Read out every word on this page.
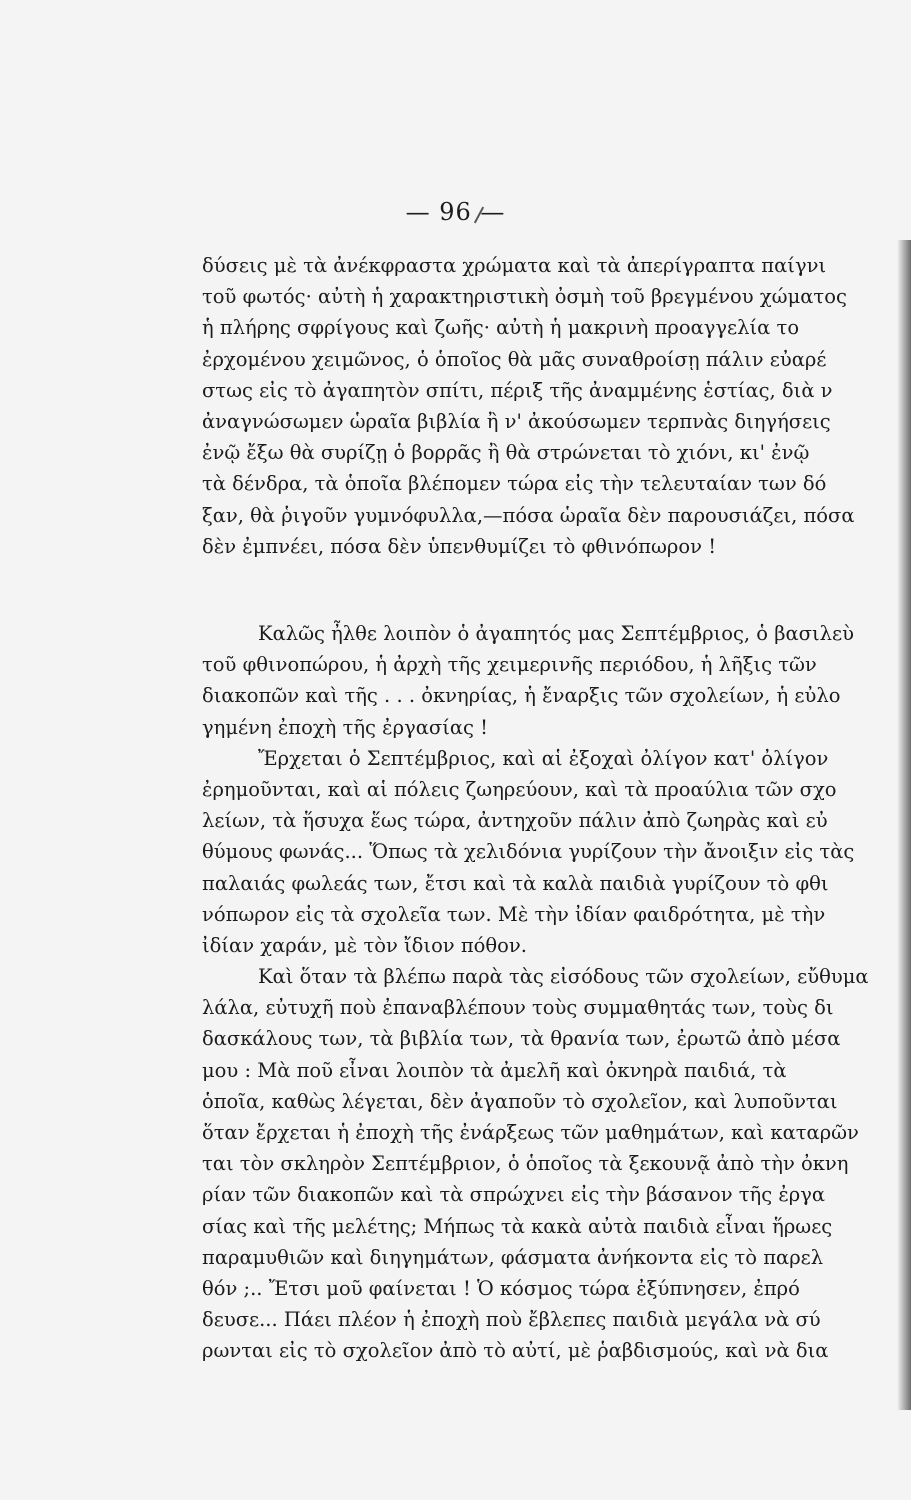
— 96 —
δύσεις μὲ τὰ ἀνέκφραστα χρώματα καὶ τὰ ἀπερίγραπτα παίγνι
τοῦ φωτός· αὐτὴ ἡ χαρακτηριστικὴ ὀσμὴ τοῦ βρεγμένου χώματος
ἡ πλήρης σφρίγους καὶ ζωῆς· αὐτὴ ἡ μακρινὴ προαγγελία το
ἐρχομένου χειμῶνος, ὁ ὁποῖος θὰ μᾶς συναθροίσῃ πάλιν εὐαρέ
στως εἰς τὸ ἀγαπητὸν σπίτι, πέριξ τῆς ἀναμμένης ἑστίας, διὰ ν
ἀναγνώσωμεν ὡραῖα βιβλία ἢ ν' ἀκούσωμεν τερπνὰς διηγήσεις
ἐνῷ ἔξω θὰ συρίζῃ ὁ βορρᾶς ἢ θὰ στρώνεται τὸ χιόνι, κι' ἐνῷ
τὰ δένδρα, τὰ ὁποῖα βλέπομεν τώρα εἰς τὴν τελευταίαν των δό
ξαν, θὰ ῥιγοῦν γυμνόφυλλα,—πόσα ὡραῖα δὲν παρουσιάζει, πόσα
δὲν ἐμπνέει, πόσα δὲν ὑπενθυμίζει τὸ φθινόπωρον !
Καλῶς ἦλθε λοιπὸν ὁ ἀγαπητός μας Σεπτέμβριος, ὁ βασιλεὺ
τοῦ φθινοπώρου, ἡ ἀρχὴ τῆς χειμερινῆς περιόδου, ἡ λῆξις τῶν
διακοπῶν καὶ τῆς . . . ὀκνηρίας, ἡ ἔναρξις τῶν σχολείων, ἡ εὐλο
γημένη ἐποχὴ τῆς ἐργασίας !
Ἔρχεται ὁ Σεπτέμβριος, καὶ αἱ ἐξοχαὶ ὀλίγον κατ' ὀλίγον
ἐρημοῦνται, καὶ αἱ πόλεις ζωηρεύουν, καὶ τὰ προαύλια τῶν σχο
λείων, τὰ ἥσυχα ἕως τώρα, ἀντηχοῦν πάλιν ἀπὸ ζωηρὰς καὶ εὐ
θύμους φωνάς... Ὅπως τὰ χελιδόνια γυρίζουν τὴν ἄνοιξιν εἰς τὰς
παλαιάς φωλεάς των, ἔτσι καὶ τὰ καλὰ παιδιὰ γυρίζουν τὸ φθι
νόπωρον εἰς τὰ σχολεῖα των. Μὲ τὴν ἰδίαν φαιδρότητα, μὲ τὴν
ἰδίαν χαράν, μὲ τὸν ἴδιον πόθον.
Καὶ ὅταν τὰ βλέπω παρὰ τὰς εἰσόδους τῶν σχολείων, εὔθυμα
λάλα, εὐτυχῆ ποὺ ἐπαναβλέπουν τοὺς συμμαθητάς των, τοὺς δι
δασκάλους των, τὰ βιβλία των, τὰ θρανία των, ἐρωτῶ ἀπὸ μέσα
μου : Μὰ ποῦ εἶναι λοιπὸν τὰ ἀμελῆ καὶ ὀκνηρὰ παιδιά, τὰ
ὁποῖα, καθὼς λέγεται, δὲν ἀγαποῦν τὸ σχολεῖον, καὶ λυποῦνται
ὅταν ἔρχεται ἡ ἐποχὴ τῆς ἐνάρξεως τῶν μαθημάτων, καὶ καταρῶν
ται τὸν σκληρὸν Σεπτέμβριον, ὁ ὁποῖος τὰ ξεκουνᾷ ἀπὸ τὴν ὀκνη
ρίαν τῶν διακοπῶν καὶ τὰ σπρώχνει εἰς τὴν βάσανον τῆς ἐργα
σίας καὶ τῆς μελέτης; Μήπως τὰ κακὰ αὐτὰ παιδιὰ εἶναι ἥρωες
παραμυθιῶν καὶ διηγημάτων, φάσματα ἀνήκοντα εἰς τὸ παρελ
θόν ;.. Ἔτσι μοῦ φαίνεται ! Ὁ κόσμος τώρα ἐξύπνησεν, ἐπρό
δευσε... Πάει πλέον ἡ ἐποχὴ ποὺ ἔβλεπες παιδιὰ μεγάλα νὰ σύ
ρωνται εἰς τὸ σχολεῖον ἀπὸ τὸ αὐτί, μὲ ῥαβδισμούς, καὶ νὰ δια
